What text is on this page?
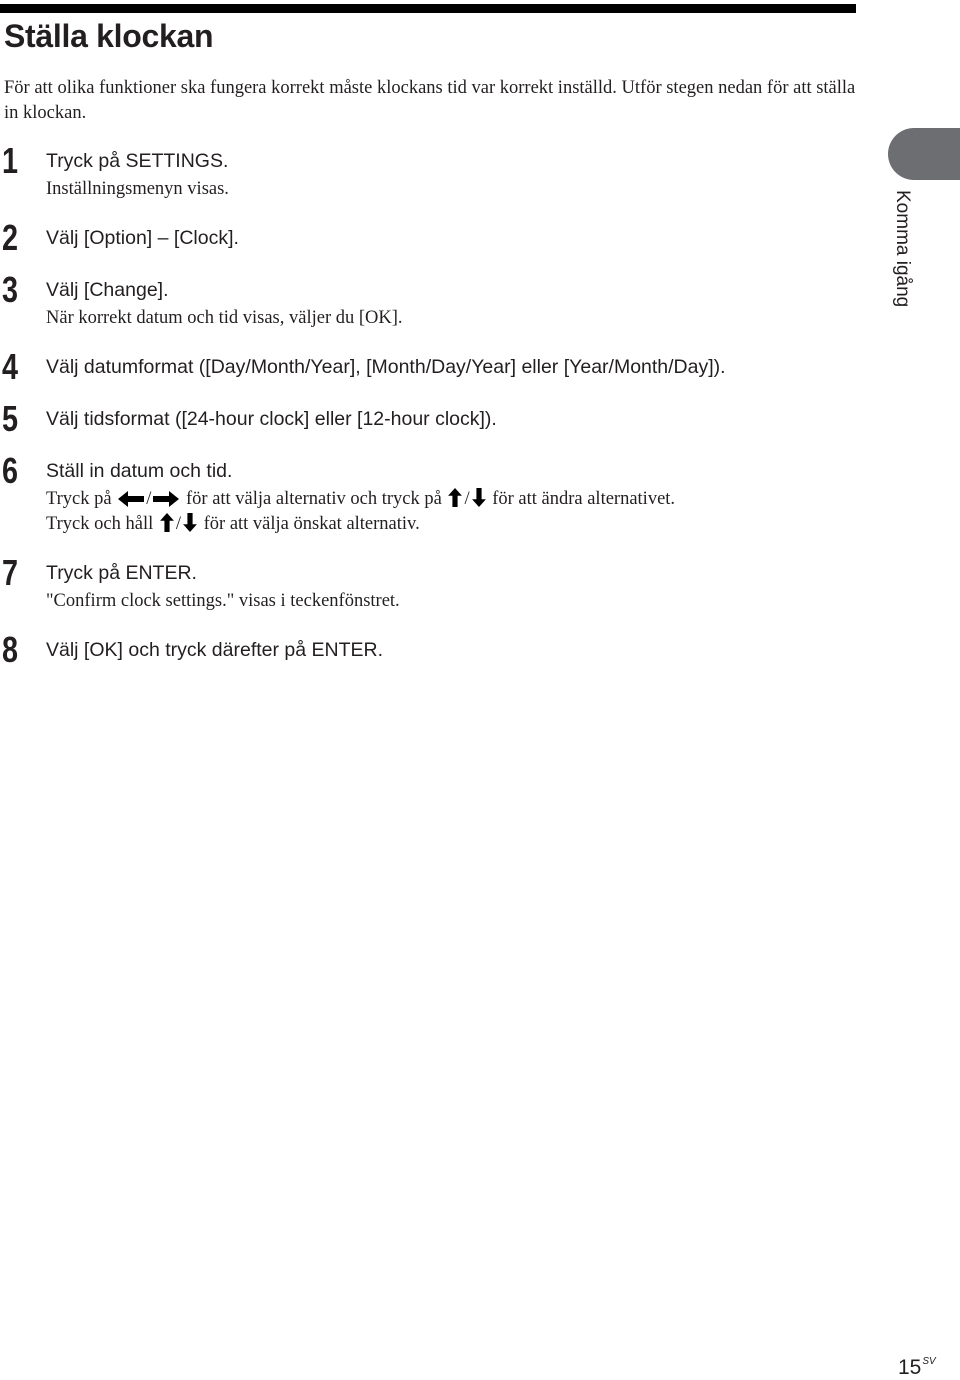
Ställa klockan

För att olika funktioner ska fungera korrekt måste klockans tid var korrekt inställd. Utför stegen nedan för att ställa in klockan.

Komma igång
1 Tryck på SETTINGS.
Inställningsmenyn visas.
2 Välj [Option] – [Clock].
3 Välj [Change].
När korrekt datum och tid visas, väljer du [OK].
4 Välj datumformat ([Day/Month/Year], [Month/Day/Year] eller [Year/Month/Day]).
5 Välj tidsformat ([24-hour clock] eller [12-hour clock]).
6 Ställ in datum och tid.
Tryck på / för att välja alternativ och tryck på / för att ändra alternativet.
Tryck och håll / för att välja önskat alternativ.
7 Tryck på ENTER.
"Confirm clock settings." visas i teckenfönstret.
8 Välj [OK] och tryck därefter på ENTER.
$15^{SV}$
